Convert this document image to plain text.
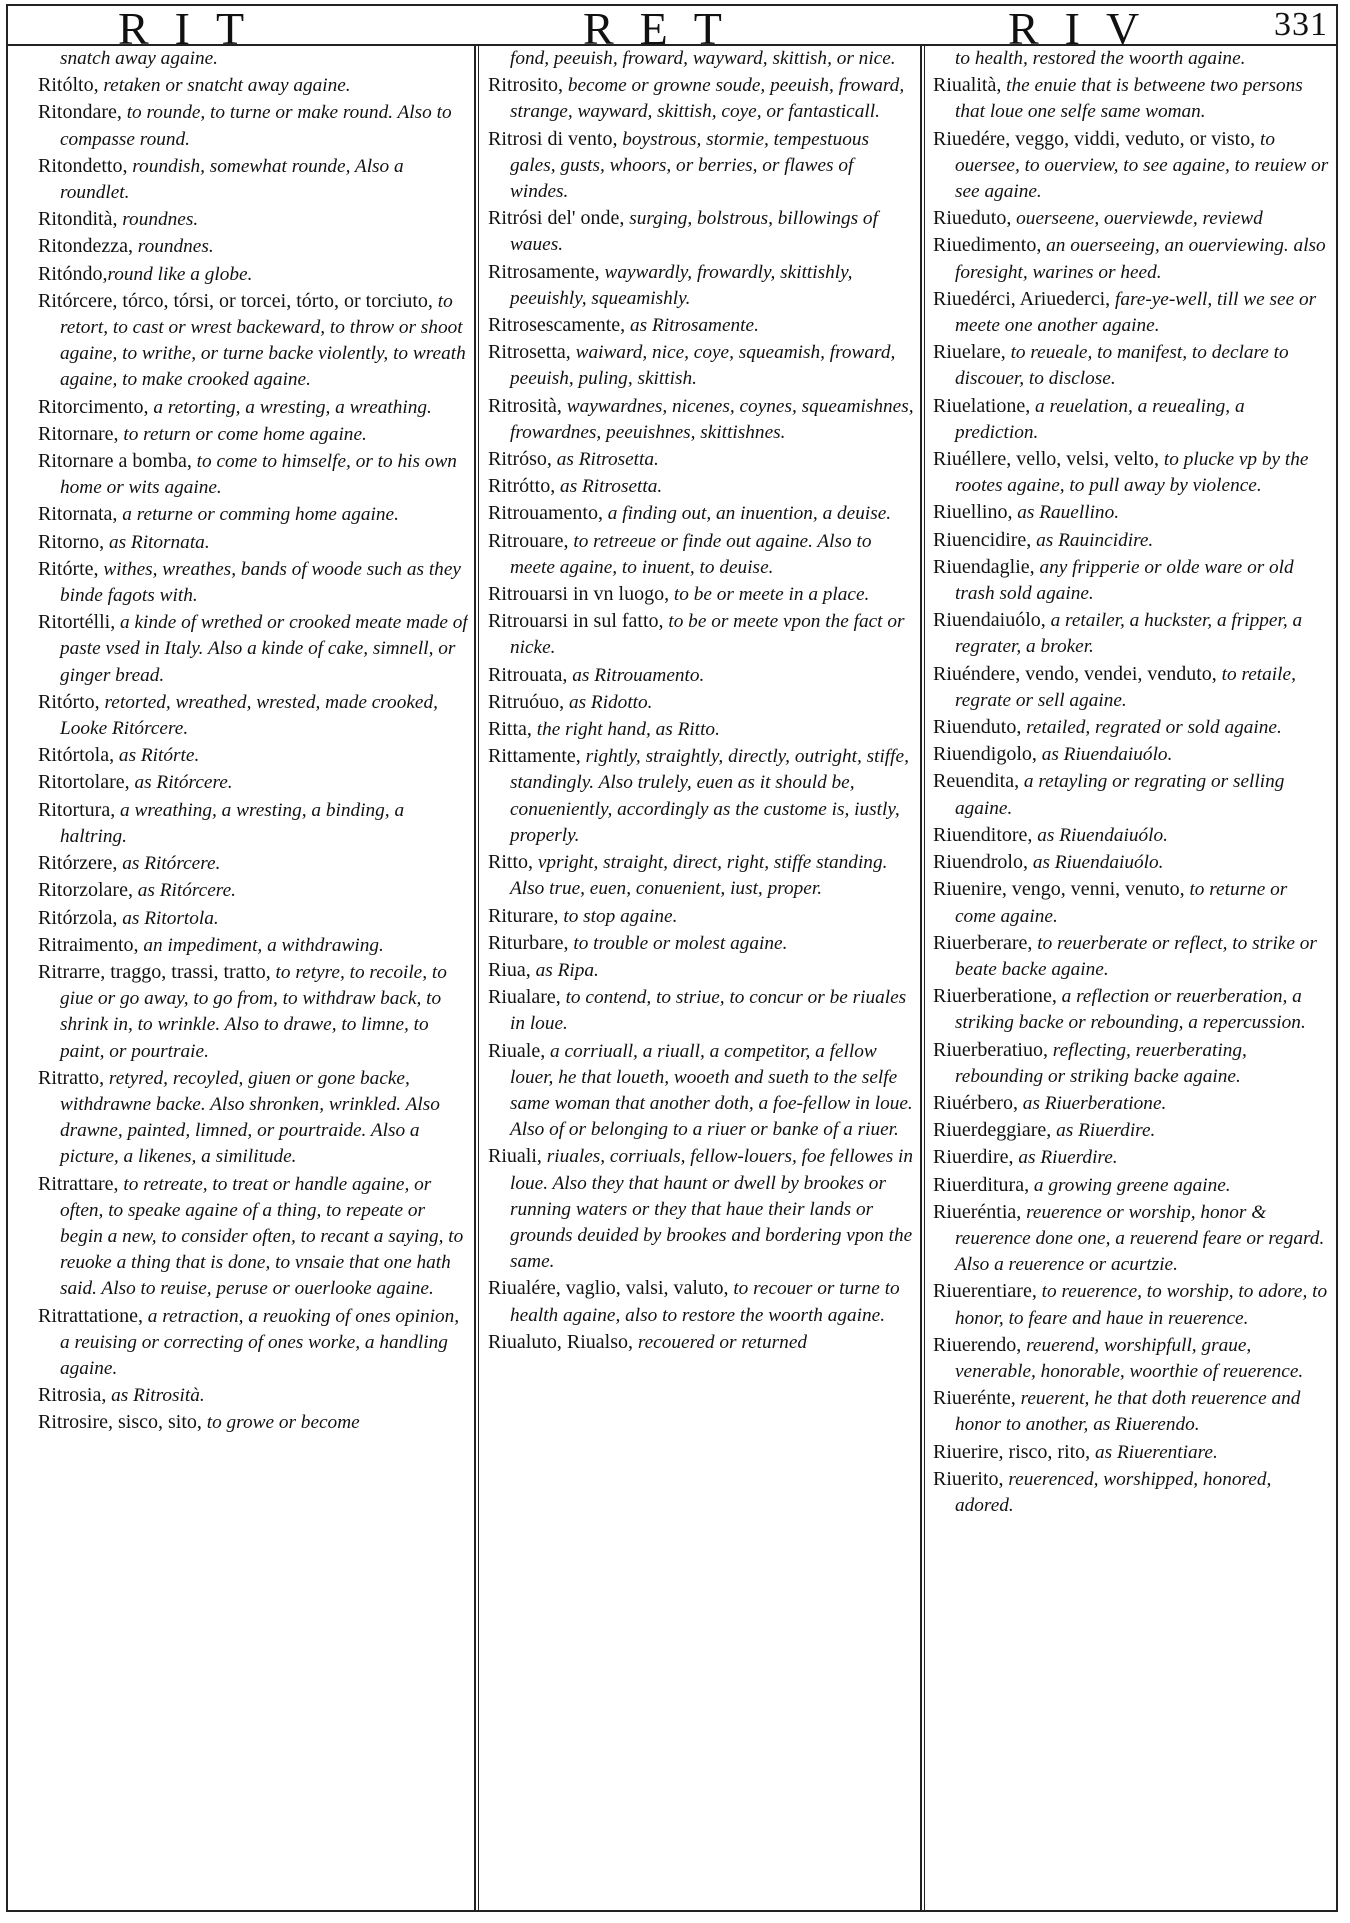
RIT	RET	RIV	331

snatch away againe.

Ritólto, retaken or snatcht away againe.

Ritondare, to rounde, to turne or make round. Also to compasse round.

Ritondetto, roundish, somewhat rounde, Also a roundlet.

Ritondità, roundnes.

Ritondezza, roundnes.

Ritóndo,round like a globe.

Ritórcere, tórco, tórsi, or torcei, tórto, or torciuto, to retort, to cast or wrest backeward, to throw or shoot againe, to writhe, or turne backe violently, to wreath againe, to make crooked againe.

Ritorcimento, a retorting, a wresting, a wreathing.

Ritornare, to return or come home againe.

Ritornare a bomba, to come to himselfe, or to his own home or wits againe.

Ritornata, a returne or comming home againe.

Ritorno, as Ritornata.

Ritórte, withes, wreathes, bands of woode such as they binde fagots with.

Ritortélli, a kinde of wrethed or crooked meate made of paste vsed in Italy. Also a kinde of cake, simnell, or ginger bread.

Ritórto, retorted, wreathed, wrested, made crooked, Looke Ritórcere.

Ritórtola, as Ritórte.

Ritortolare, as Ritórcere.

Ritortura, a wreathing, a wresting, a binding, a haltring.

Ritórzere, as Ritórcere.

Ritorzolare, as Ritórcere.

Ritórzola, as Ritortola.

Ritraimento, an impediment, a withdrawing.

Ritrarre, traggo, trassi, tratto, to retyre, to recoile, to giue or go away, to go from, to withdraw back, to shrink in, to wrinkle. Also to drawe, to limne, to paint, or pourtraie.

Ritratto, retyred, recoyled, giuen or gone backe, withdrawne backe. Also shronken, wrinkled. Also drawne, painted, limned, or pourtraide. Also a picture, a likenes, a similitude.

Ritrattare, to retreate, to treat or handle againe, or often, to speake againe of a thing, to repeate or begin a new, to consider often, to recant a saying, to reuoke a thing that is done, to vnsaie that one hath said. Also to reuise, peruse or ouerlooke againe.

Ritrattatione, a retraction, a reuoking of ones opinion, a reuising or correcting of ones worke, a handling againe.

Ritrosia, as Ritrosità.

Ritrosire, sisco, sito, to growe or become

fond, peeuish, froward, wayward, skittish, or nice.

Ritrosito, become or growne soude, peeuish, froward, strange, wayward, skittish, coye, or fantasticall.

Ritrosi di vento, boystrous, stormie, tempestuous gales, gusts, whoors, or berries, or flawes of windes.

Ritrósi del' onde, surging, bolstrous, billowings of waues.

Ritrosamente, waywardly, frowardly, skittishly, peeuishly, squeamishly.

Ritrosescamente, as Ritrosamente.

Ritrosetta, waiward, nice, coye, squeamish, froward, peeuish, puling, skittish.

Ritrosità, waywardnes, nicenes, coynes, squeamishnes, frowardnes, peeuishnes, skittishnes.

Ritróso, as Ritrosetta.

Ritrótto, as Ritrosetta.

Ritrouamento, a finding out, an inuention, a deuise.

Ritrouare, to retreeue or finde out againe. Also to meete againe, to inuent, to deuise.

Ritrouarsi in vn luogo, to be or meete in a place.

Ritrouarsi in sul fatto, to be or meete vpon the fact or nicke.

Ritrouata, as Ritrouamento.

Ritruóuo, as Ridotto.

Ritta, the right hand, as Ritto.

Rittamente, rightly, straightly, directly, outright, stiffe, standingly. Also trulely, euen as it should be, conueniently, accordingly as the custome is, iustly, properly.

Ritto, vpright, straight, direct, right, stiffe standing. Also true, euen, conuenient, iust, proper.

Riturare, to stop againe.

Riturbare, to trouble or molest againe.

Riua, as Ripa.

Riualare, to contend, to striue, to concur or be riuales in loue.

Riuale, a corriuall, a riuall, a competitor, a fellow louer, he that loueth, wooeth and sueth to the selfe same woman that another doth, a foe-fellow in loue. Also of or belonging to a riuer or banke of a riuer.

Riuali, riuales, corriuals, fellow-louers, foe fellowes in loue. Also they that haunt or dwell by brookes or running waters or they that haue their lands or grounds deuided by brookes and bordering vpon the same.

Riualére, vaglio, valsi, valuto, to recouer or turne to health againe, also to restore the woorth againe.

Riualuto, Riualso, recouered or returned

to health, restored the woorth againe.

Riualità, the enuie that is betweene two persons that loue one selfe same woman.

Riuedére, veggo, viddi, veduto, or visto, to ouersee, to ouerview, to see againe, to reuiew or see againe.

Riueduto, ouerseene, ouerviewde, reviewd

Riuedimento, an ouerseeing, an ouerviewing. also foresight, warines or heed.

Riuedérci, Ariuederci, fare-ye-well, till we see or meete one another againe.

Riuelare, to reueale, to manifest, to declare to discouer, to disclose.

Riuelatione, a reuelation, a reuealing, a prediction.

Riuéllere, vello, velsi, velto, to plucke vp by the rootes againe, to pull away by violence.

Riuellino, as Rauellino.

Riuencidire, as Rauincidire.

Riuendaglie, any fripperie or olde ware or old trash sold againe.

Riuendaiuólo, a retailer, a huckster, a fripper, a regrater, a broker.

Riuéndere, vendo, vendei, venduto, to retaile, regrate or sell againe.

Riuenduto, retailed, regrated or sold againe.

Riuendigolo, as Riuendaiuólo.

Reuendita, a retayling or regrating or selling againe.

Riuenditore, as Riuendaiuólo.

Riuendrolo, as Riuendaiuólo.

Riuenire, vengo, venni, venuto, to returne or come againe.

Riuerberare, to reuerberate or reflect, to strike or beate backe againe.

Riuerberatione, a reflection or reuerberation, a striking backe or rebounding, a repercussion.

Riuerberatiuo, reflecting, reuerberating, rebounding or striking backe againe.

Riuérbero, as Riuerberatione.

Riuerdeggiare, as Riuerdire.

Riuerdire, as Riuerdire.

Riuerditura, a growing greene againe.

Riueréntia, reuerence or worship, honor & reuerence done one, a reuerend feare or regard. Also a reuerence or acurtzie.

Riuerentiare, to reuerence, to worship, to adore, to honor, to feare and haue in reuerence.

Riuerendo, reuerend, worshipfull, graue, venerable, honorable, woorthie of reuerence.

Riuerénte, reuerent, he that doth reuerence and honor to another, as Riuerendo.

Riuerire, risco, rito, as Riuerentiare.

Riuerito, reuerenced, worshipped, honored, adored.
